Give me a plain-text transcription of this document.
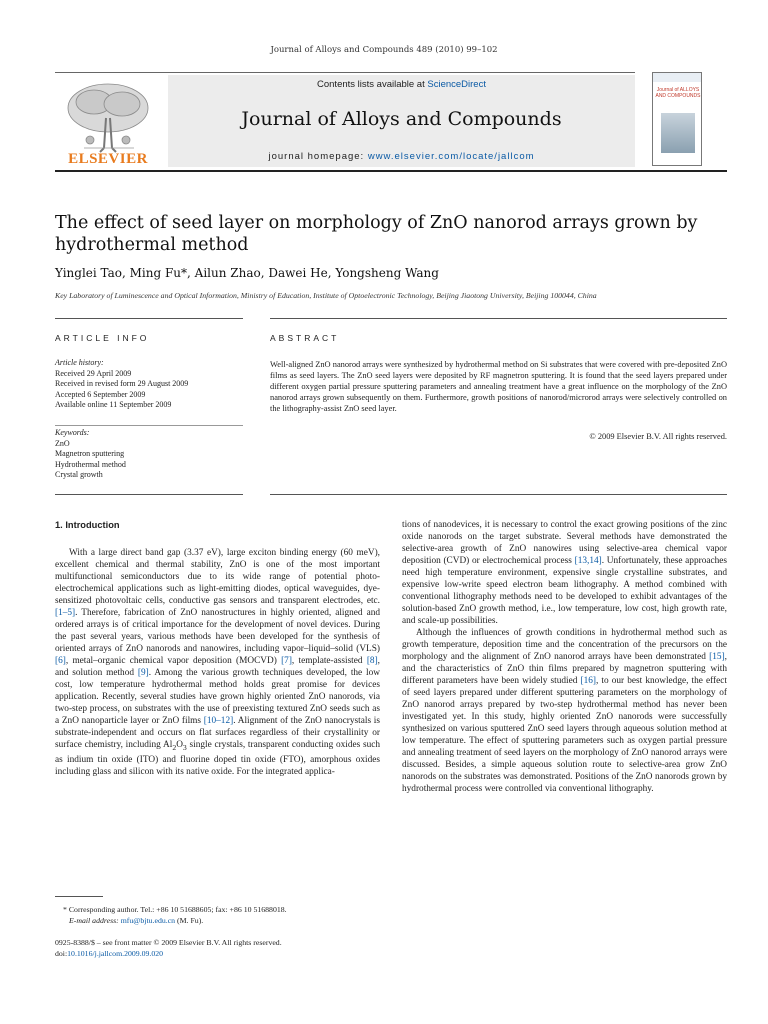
Journal of Alloys and Compounds 489 (2010) 99–102
ELSEVIER
Contents lists available at ScienceDirect
Journal of Alloys and Compounds
journal homepage: www.elsevier.com/locate/jallcom
Journal of ALLOYS AND COMPOUNDS
The effect of seed layer on morphology of ZnO nanorod arrays grown by hydrothermal method
Yinglei Tao, Ming Fu*, Ailun Zhao, Dawei He, Yongsheng Wang
Key Laboratory of Luminescence and Optical Information, Ministry of Education, Institute of Optoelectronic Technology, Beijing Jiaotong University, Beijing 100044, China
ARTICLE INFO	ABSTRACT
Article history:
Received 29 April 2009
Received in revised form 29 August 2009
Accepted 6 September 2009
Available online 11 September 2009
Keywords:
ZnO
Magnetron sputtering
Hydrothermal method
Crystal growth
Well-aligned ZnO nanorod arrays were synthesized by hydrothermal method on Si substrates that were covered with pre-deposited ZnO films as seed layers. The ZnO seed layers were deposited by RF magnetron sputtering. It is found that the seed layers prepared under different oxygen partial pressure sputtering parameters and annealing treatment have a great influence on the morphology of the ZnO nanorod arrays grown subsequently on them. Furthermore, growth positions of nanorod/microrod arrays were selectively controlled on the lithography-assist ZnO seed layer.
© 2009 Elsevier B.V. All rights reserved.
1. Introduction

With a large direct band gap (3.37 eV), large exciton binding energy (60 meV), excellent chemical and thermal stability, ZnO is one of the most important multifunctional semiconductors due to its wide range of potential photo-electrochemical applications such as light-emitting diodes, optical waveguides, dye-sensitized photovoltaic cells, conductive gas sensors and transparent electrodes, etc. [1–5]. Therefore, fabrication of ZnO nanostructures in highly oriented, aligned and ordered arrays is of critical importance for the development of novel devices. During the past several years, various methods have been developed for the synthesis of oriented arrays of ZnO nanorods and nanowires, including vapor–liquid–solid (VLS) [6], metal–organic chemical vapor deposition (MOCVD) [7], template-assisted [8], and solution method [9]. Among the various growth techniques developed, the low cost, low temperature hydrothermal method holds great promise for devices application. Recently, several studies have grown highly oriented ZnO nanorods, via two-step process, on substrates with the use of preexisting textured ZnO seeds such as a ZnO nanoparticle layer or ZnO films [10–12]. Alignment of the ZnO nanocrystals is substrate-independent and occurs on flat surfaces regardless of their crystallinity or surface chemistry, including $Al_2O_3$ single crystals, transparent conducting oxides such as indium tin oxide (ITO) and fluorine doped tin oxide (FTO), amorphous oxides including glass and silicon with its native oxide. For the integrated applica-

tions of nanodevices, it is necessary to control the exact growing positions of the zinc oxide nanorods on the target substrate. Several methods have demonstrated the selective-area growth of ZnO nanowires using selective-area chemical vapor deposition (CVD) or electrochemical process [13,14]. Unfortunately, these approaches need high temperature environment, expensive single crystalline substrates, and expensive low-write speed electron beam lithography. A method combined with conventional lithography methods need to be developed to exhibit advantages of the solution-based ZnO growth method, i.e., low temperature, low cost, high growth rate, and scale-up possibilities.

Although the influences of growth conditions in hydrothermal method such as growth temperature, deposition time and the concentration of the precursors on the morphology and the alignment of ZnO nanorod arrays have been demonstrated [15], and the characteristics of ZnO thin films prepared by magnetron sputtering with different parameters have been widely studied [16], to our best knowledge, the effect of seed layers prepared under different sputtering parameters on the morphology of ZnO nanorod arrays prepared by two-step hydrothermal method has never been investigated yet. In this study, highly oriented ZnO nanorods were successfully synthesized on various sputtered ZnO seed layers through aqueous solution method at low temperature. The effect of sputtering parameters such as oxygen partial pressure and annealing treatment of seed layers on the morphology of ZnO nanorod arrays were discussed. Besides, a simple aqueous solution route to selective-area grow ZnO nanorods on the substrates was demonstrated. Positions of the ZnO nanorods grown by hydrothermal process were controlled via conventional lithography.

* Corresponding author. Tel.: +86 10 51688605; fax: +86 10 51688018.
E-mail address: mfu@bjtu.edu.cn (M. Fu).
0925-8388/$ – see front matter © 2009 Elsevier B.V. All rights reserved.
doi:10.1016/j.jallcom.2009.09.020
